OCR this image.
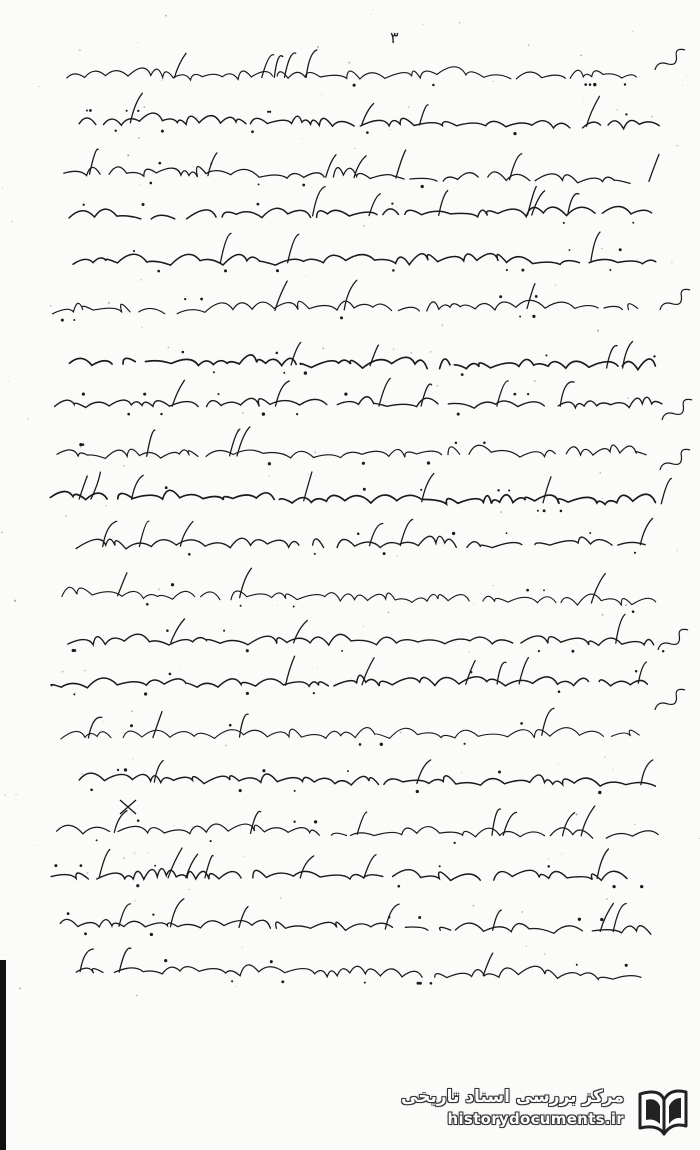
٣
مرکز بررسی اسناد تاریخی
historydocuments.ir
